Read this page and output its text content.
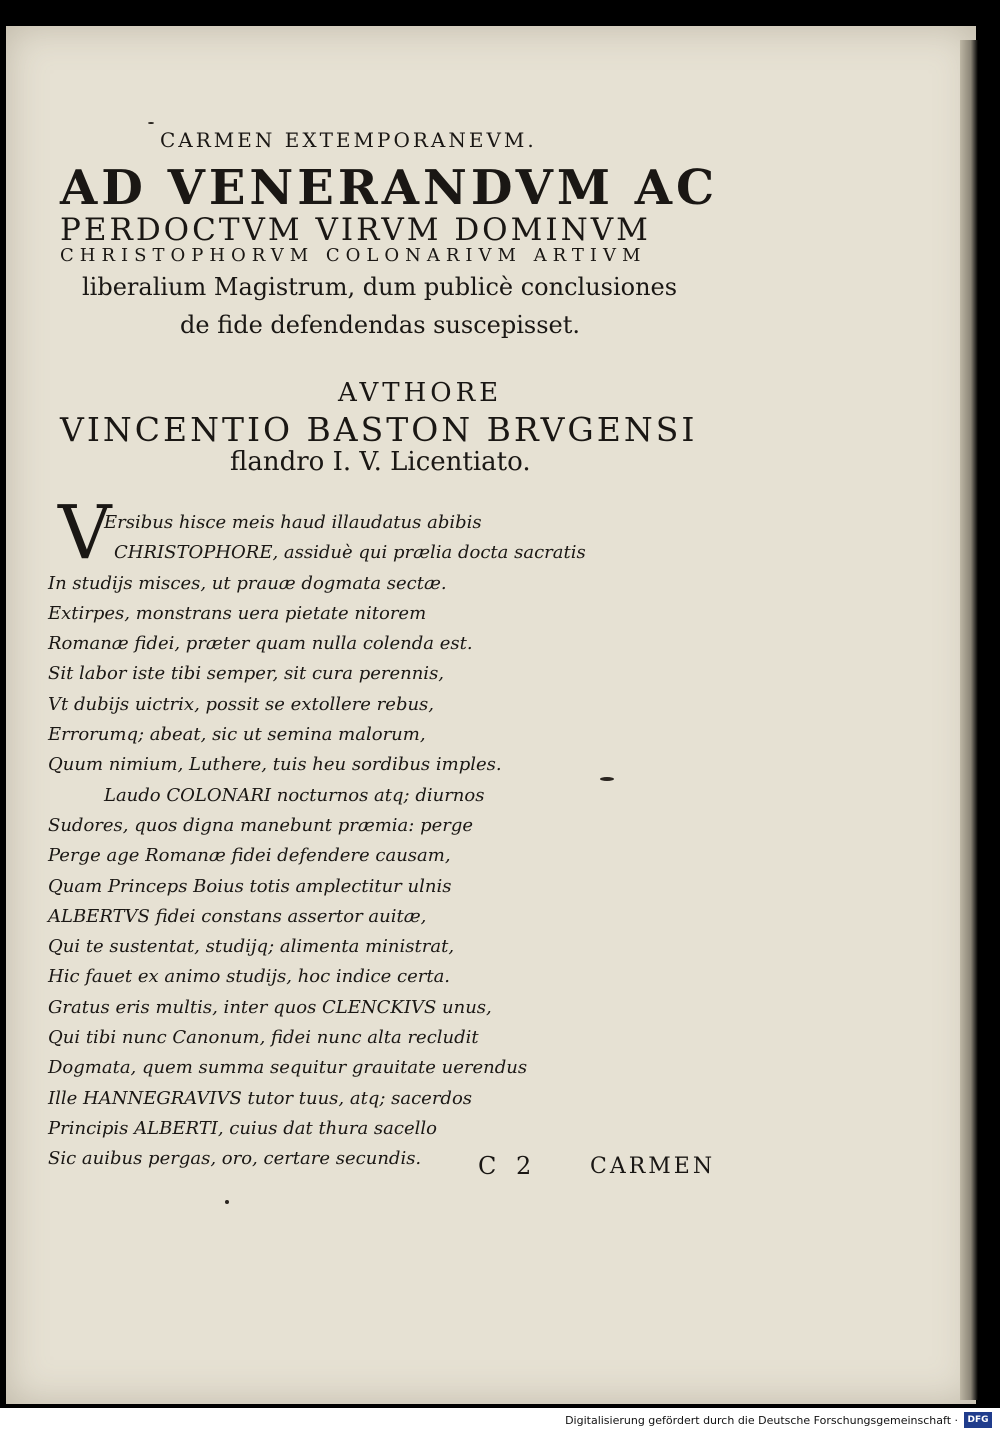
CARMEN EXTEMPORANEVM.
AD VENERANDVM AC
PERDOCTVM VIRVM DOMINVM
CHRISTOPHORVM COLONARIVM ARTIVM
liberalium Magistrum, dum publicè conclusiones
de fide defendendas suscepisset.
AVTHORE
VINCENTIO BASTON BRVGENSI
flandro I. V. Licentiato.
V
Ersibus hisce meis haud illaudatus abibis
CHRISTOPHORE, assiduè qui prælia docta sacratis
In studijs misces, ut prauæ dogmata sectæ.
Extirpes, monstrans uera pietate nitorem
Romanæ fidei, præter quam nulla colenda est.
Sit labor iste tibi semper, sit cura perennis,
Vt dubijs uictrix, possit se extollere rebus,
Errorumq; abeat, sic ut semina malorum,
Quum nimium, Luthere, tuis heu sordibus imples.
Laudo COLONARI nocturnos atq; diurnos
Sudores, quos digna manebunt præmia: perge
Perge age Romanæ fidei defendere causam,
Quam Princeps Boius totis amplectitur ulnis
ALBERTVS fidei constans assertor auitæ,
Qui te sustentat, studijq; alimenta ministrat,
Hic fauet ex animo studijs, hoc indice certa.
Gratus eris multis, inter quos CLENCKIVS unus,
Qui tibi nunc Canonum, fidei nunc alta recludit
Dogmata, quem summa sequitur grauitate uerendus
Ille HANNEGRAVIVS tutor tuus, atq; sacerdos
Principis ALBERTI, cuius dat thura sacello
Sic auibus pergas, oro, certare secundis.	C 2 CARMEN
Digitalisierung gefördert durch die Deutsche Forschungsgemeinschaft ·	DFG
